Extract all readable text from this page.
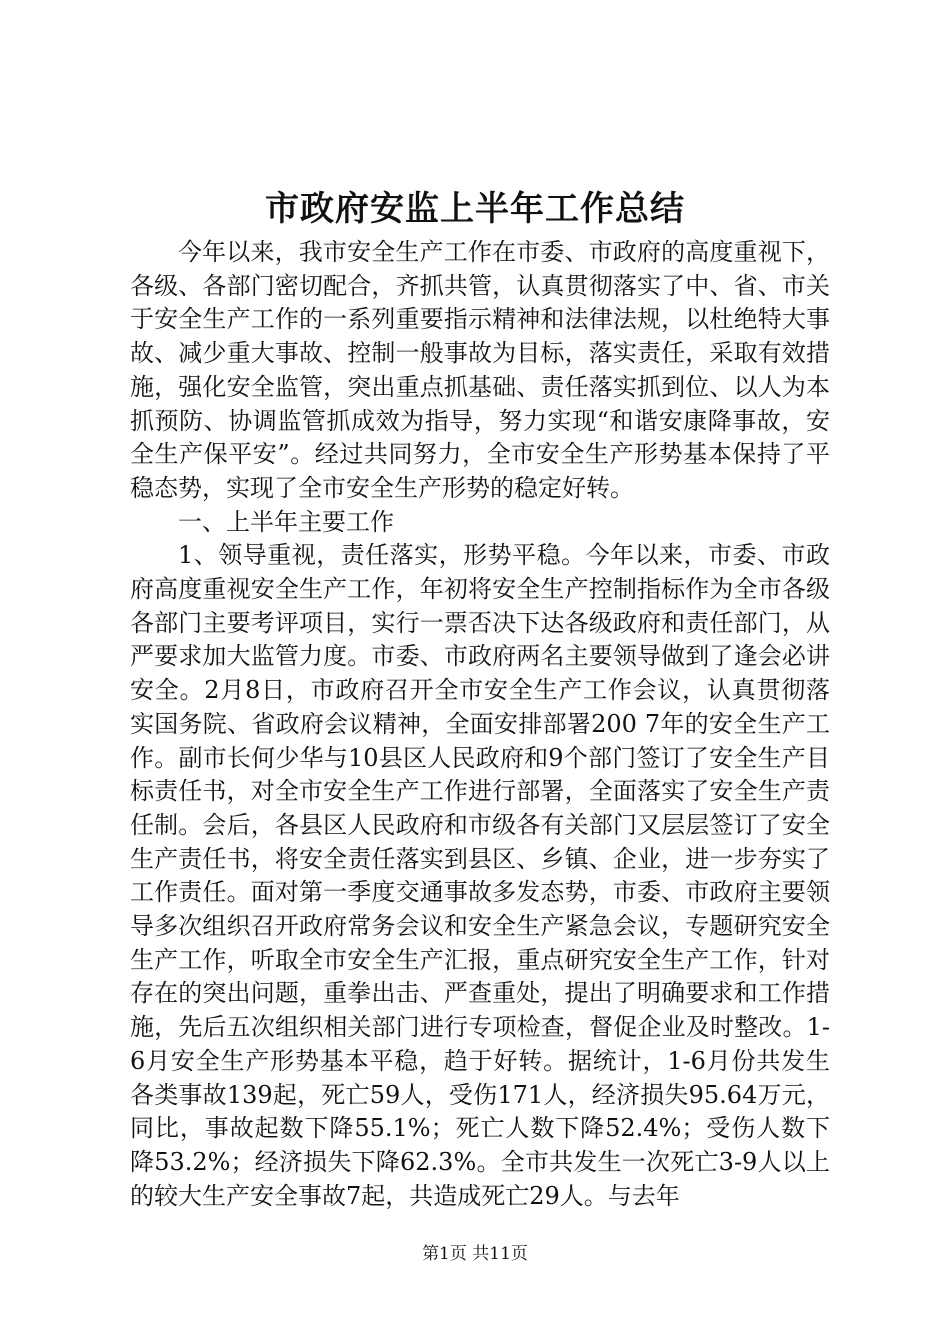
市政府安监上半年工作总结

今年以来，我市安全生产工作在市委、市政府的高度重视下，各级、各部门密切配合，齐抓共管，认真贯彻落实了中、省、市关于安全生产工作的一系列重要指示精神和法律法规，以杜绝特大事故、减少重大事故、控制一般事故为目标，落实责任，采取有效措施，强化安全监管，突出重点抓基础、责任落实抓到位、以人为本抓预防、协调监管抓成效为指导，努力实现“和谐安康降事故，安全生产保平安”。经过共同努力，全市安全生产形势基本保持了平稳态势，实现了全市安全生产形势的稳定好转。

一、上半年主要工作

1、领导重视，责任落实，形势平稳。今年以来，市委、市政府高度重视安全生产工作，年初将安全生产控制指标作为全市各级各部门主要考评项目，实行一票否决下达各级政府和责任部门，从严要求加大监管力度。市委、市政府两名主要领导做到了逢会必讲安全。2月8日，市政府召开全市安全生产工作会议，认真贯彻落实国务院、省政府会议精神，全面安排部署200 7年的安全生产工作。副市长何少华与10县区人民政府和9个部门签订了安全生产目标责任书，对全市安全生产工作进行部署，全面落实了安全生产责任制。会后，各县区人民政府和市级各有关部门又层层签订了安全生产责任书，将安全责任落实到县区、乡镇、企业，进一步夯实了工作责任。面对第一季度交通事故多发态势，市委、市政府主要领导多次组织召开政府常务会议和安全生产紧急会议，专题研究安全生产工作，听取全市安全生产汇报，重点研究安全生产工作，针对存在的突出问题，重拳出击、严查重处，提出了明确要求和工作措施，先后五次组织相关部门进行专项检查，督促企业及时整改。1-6月安全生产形势基本平稳，趋于好转。据统计，1-6月份共发生各类事故139起，死亡59人，受伤171人，经济损失95.64万元，同比，事故起数下降55.1%；死亡人数下降52.4%；受伤人数下降53.2%；经济损失下降62.3%。全市共发生一次死亡3-9人以上的较大生产安全事故7起，共造成死亡29人。与去年

第1页 共11页
